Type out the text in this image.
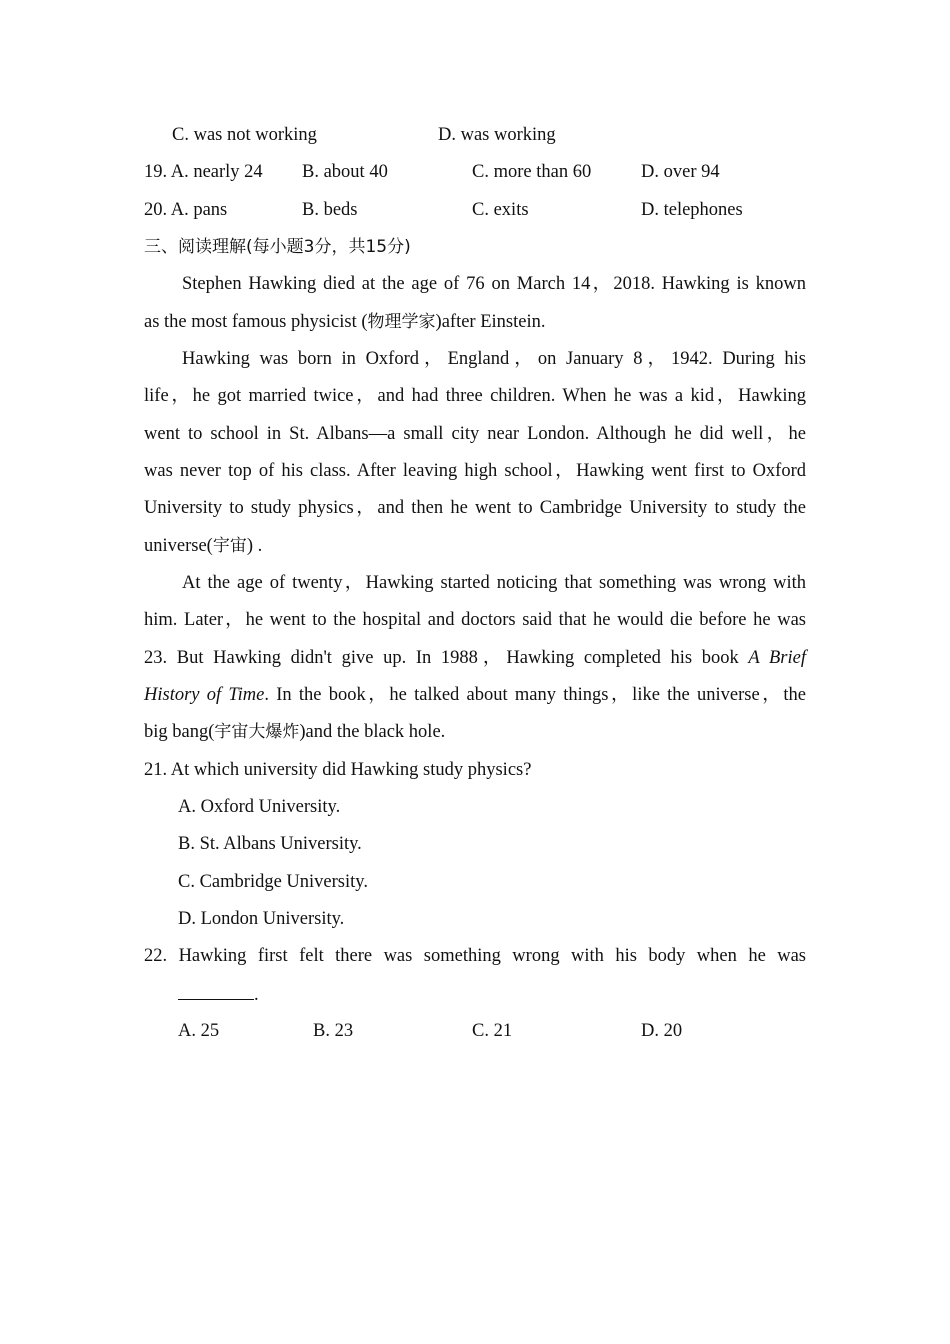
C. was not working	D. was working
19. A. nearly 24 B. about 40	C. more than 60	D. over 94
20. A. pans	B. beds	C. exits	D. telephones
三、阅读理解(每小题3分，共15分)
Stephen Hawking died at the age of 76 on March 14，2018. Hawking is known
as the most famous physicist (物理学家)after Einstein.
Hawking was born in Oxford，England，on January 8，1942. During his
life，he got married twice，and had three children. When he was a kid，Hawking
went to school in St. Albans—a small city near London. Although he did well，he
was never top of his class. After leaving high school，Hawking went first to Oxford
University to study physics，and then he went to Cambridge University to study the
universe(宇宙) .
At the age of twenty，Hawking started noticing that something was wrong with
him. Later，he went to the hospital and doctors said that he would die before he was
23. But Hawking didn't give up. In 1988，Hawking completed his book A Brief
History of Time. In the book，he talked about many things，like the universe，the
big bang(宇宙大爆炸)and the black hole.
21. At which university did Hawking study physics?
A. Oxford University.
B. St. Albans University.
C. Cambridge University.
D. London University.
22. Hawking first felt there was something wrong with his body when he was
.
A. 25	B. 23	C. 21	D. 20
